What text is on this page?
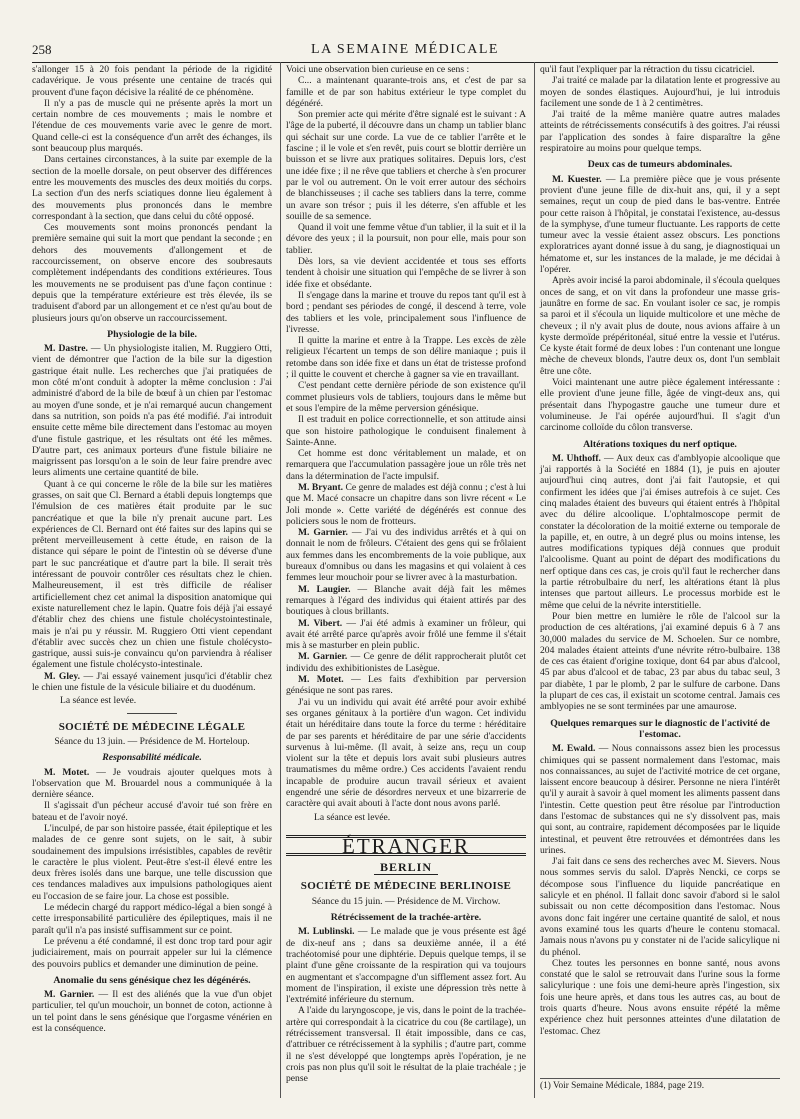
258	LA SEMAINE MÉDICALE

s'allonger 15 à 20 fois pendant la période de la rigidité cadavérique. Je vous présente une centaine de tracés qui prouvent d'une façon décisive la réalité de ce phénomène.

Il n'y a pas de muscle qui ne présente après la mort un certain nombre de ces mouvements ; mais le nombre et l'étendue de ces mouvements varie avec le genre de mort. Quand celle-ci est la conséquence d'un arrêt des échanges, ils sont beaucoup plus marqués.

Dans certaines circonstances, à la suite par exemple de la section de la moelle dorsale, on peut observer des différences entre les mouvements des muscles des deux moitiés du corps. La section d'un des nerfs sciatiques donne lieu également à des mouvements plus prononcés dans le membre correspondant à la section, que dans celui du côté opposé.

Ces mouvements sont moins prononcés pendant la première semaine qui suit la mort que pendant la seconde ; en dehors des mouvements d'allongement et de raccourcissement, on observe encore des soubresauts complètement indépendants des conditions extérieures. Tous les mouvements ne se produisent pas d'une façon continue : depuis que la température extérieure est très élevée, ils se traduisent d'abord par un allongement et ce n'est qu'au bout de plusieurs jours qu'on observe un raccourcissement.

Physiologie de la bile.

M. Dastre. — Un physiologiste italien, M. Ruggiero Otti, vient de démontrer que l'action de la bile sur la digestion gastrique était nulle. Les recherches que j'ai pratiquées de mon côté m'ont conduit à adopter la même conclusion : J'ai administré d'abord de la bile de bœuf à un chien par l'estomac au moyen d'une sonde, et je n'ai remarqué aucun changement dans sa nutrition, son poids n'a pas été modifié. J'ai introduit ensuite cette même bile directement dans l'estomac au moyen d'une fistule gastrique, et les résultats ont été les mêmes. D'autre part, ces animaux porteurs d'une fistule biliaire ne maigrissent pas lorsqu'on a le soin de leur faire prendre avec leurs aliments une certaine quantité de bile.

Quant à ce qui concerne le rôle de la bile sur les matières grasses, on sait que Cl. Bernard a établi depuis longtemps que l'émulsion de ces matières était produite par le suc pancréatique et que la bile n'y prenait aucune part. Les expériences de Cl. Bernard ont été faites sur des lapins qui se prêtent merveilleusement à cette étude, en raison de la distance qui sépare le point de l'intestin où se déverse d'une part le suc pancréatique et d'autre part la bile. Il serait très intéressant de pouvoir contrôler ces résultats chez le chien. Malheureusement, il est très difficile de réaliser artificiellement chez cet animal la disposition anatomique qui existe naturellement chez le lapin. Quatre fois déjà j'ai essayé d'établir chez des chiens une fistule cholécystointestinale, mais je n'ai pu y réussir. M. Ruggiero Otti vient cependant d'établir avec succès chez un chien une fistule cholécysto-gastrique, aussi suis-je convaincu qu'on parviendra à réaliser également une fistule cholécysto-intestinale.

M. Gley. — J'ai essayé vainement jusqu'ici d'établir chez le chien une fistule de la vésicule biliaire et du duodénum.

La séance est levée.

SOCIÉTÉ DE MÉDECINE LÉGALE

Séance du 13 juin. — Présidence de M. Horteloup.

Responsabilité médicale.

M. Motet. — Je voudrais ajouter quelques mots à l'observation que M. Brouardel nous a communiquée à la dernière séance.

Il s'agissait d'un pécheur accusé d'avoir tué son frère en bateau et de l'avoir noyé.

L'inculpé, de par son histoire passée, était épileptique et les malades de ce genre sont sujets, on le sait, à subir soudainement des impulsions irrésistibles, capables de revêtir le caractère le plus violent. Peut-être s'est-il élevé entre les deux frères isolés dans une barque, une telle discussion que ces tendances maladives aux impulsions pathologiques aient eu l'occasion de se faire jour. La chose est possible.

Le médecin chargé du rapport médico-légal a bien songé à cette irresponsabilité particulière des épileptiques, mais il ne paraît qu'il n'a pas insisté suffisamment sur ce point.

Le prévenu a été condamné, il est donc trop tard pour agir judiciairement, mais on pourrait appeler sur lui la clémence des pouvoirs publics et demander une diminution de peine.

Anomalie du sens génésique chez les dégénérés.

M. Garnier. — Il est des aliénés que la vue d'un objet particulier, tel qu'un mouchoir, un bonnet de coton, actionne à un tel point dans le sens génésique que l'orgasme vénérien en est la conséquence.

Voici une observation bien curieuse en ce sens :

C... a maintenant quarante-trois ans, et c'est de par sa famille et de par son habitus extérieur le type complet du dégénéré.

Son premier acte qui mérite d'être signalé est le suivant : A l'âge de la puberté, il découvre dans un champ un tablier blanc qui séchait sur une corde. La vue de ce tablier l'arrête et le fascine ; il le vole et s'en revêt, puis court se blottir derrière un buisson et se livre aux pratiques solitaires. Depuis lors, c'est une idée fixe ; il ne rêve que tabliers et cherche à s'en procurer par le vol ou autrement. On le voit errer autour des séchoirs de blanchisseuses ; il cache ses tabliers dans la terre, comme un avare son trésor ; puis il les déterre, s'en affuble et les souille de sa semence.

Quand il voit une femme vêtue d'un tablier, il la suit et il la dévore des yeux ; il la poursuit, non pour elle, mais pour son tablier.

Dès lors, sa vie devient accidentée et tous ses efforts tendent à choisir une situation qui l'empêche de se livrer à son idée fixe et obsédante.

Il s'engage dans la marine et trouve du repos tant qu'il est à bord ; pendant ses périodes de congé, il descend à terre, vole des tabliers et les vole, principalement sous l'influence de l'ivresse.

Il quitte la marine et entre à la Trappe. Les excès de zèle religieux l'écartent un temps de son délire maniaque ; puis il retombe dans son idée fixe et dans un état de tristesse profond ; il quitte le couvent et cherche à gagner sa vie en travaillant.

C'est pendant cette dernière période de son existence qu'il commet plusieurs vols de tabliers, toujours dans le même but et sous l'empire de la même perversion génésique.

Il est traduit en police correctionnelle, et son attitude ainsi que son histoire pathologique le conduisent finalement à Sainte-Anne.

Cet homme est donc véritablement un malade, et on remarquera que l'accumulation passagère joue un rôle très net dans la détermination de l'acte impulsif.

M. Bryant. Ce genre de malades est déjà connu ; c'est à lui que M. Macé consacre un chapitre dans son livre récent « Le Joli monde ». Cette variété de dégénérés est connue des policiers sous le nom de frotteurs.

M. Garnier. — J'ai vu des individus arrêtés et à qui on donnait le nom de frôleurs. C'étaient des gens qui se frôlaient aux femmes dans les encombrements de la voie publique, aux bureaux d'omnibus ou dans les magasins et qui volaient à ces femmes leur mouchoir pour se livrer avec à la masturbation.

M. Laugier. — Blanche avait déjà fait les mêmes remarques à l'égard des individus qui étaient attirés par des boutiques à clous brillants.

M. Vibert. — J'ai été admis à examiner un frôleur, qui avait été arrêté parce qu'après avoir frôlé une femme il s'était mis à se masturber en plein public.

M. Garnier. — Ce genre de délit rapprocherait plutôt cet individu des exhibitionistes de Lasègue.

M. Motet. — Les faits d'exhibition par perversion génésique ne sont pas rares.

J'ai vu un individu qui avait été arrêté pour avoir exhibé ses organes génitaux à la portière d'un wagon. Cet individu était un héréditaire dans toute la force du terme : héréditaire de par ses parents et héréditaire de par une série d'accidents survenus à lui-même. (Il avait, à seize ans, reçu un coup violent sur la tête et depuis lors avait subi plusieurs autres traumatismes du même ordre.) Ces accidents l'avaient rendu incapable de produire aucun travail sérieux et avaient engendré une série de désordres nerveux et une bizarrerie de caractère qui avait abouti à l'acte dont nous avons parlé.

La séance est levée.

ÉTRANGER
BERLIN
SOCIÉTÉ DE MÉDECINE BERLINOISE

Séance du 15 juin. — Présidence de M. Virchow.

Rétrécissement de la trachée-artère.

M. Lublinski. — Le malade que je vous présente est âgé de dix-neuf ans ; dans sa deuxième année, il a été trachéotomisé pour une diphtérie. Depuis quelque temps, il se plaint d'une gêne croissante de la respiration qui va toujours en augmentant et s'accompagne d'un sifflement assez fort. Au moment de l'inspiration, il existe une dépression très nette à l'extrémité inférieure du sternum.

A l'aide du laryngoscope, je vis, dans le point de la trachée-artère qui correspondait à la cicatrice du cou (8e cartilage), un rétrécissement transversal. Il était impossible, dans ce cas, d'attribuer ce rétrécissement à la syphilis ; d'autre part, comme il ne s'est développé que longtemps après l'opération, je ne crois pas non plus qu'il soit le résultat de la plaie trachéale ; je pense

qu'il faut l'expliquer par la rétraction du tissu cicatriciel.

J'ai traité ce malade par la dilatation lente et progressive au moyen de sondes élastiques. Aujourd'hui, je lui introduis facilement une sonde de 1 à 2 centimètres.

J'ai traité de la même manière quatre autres malades atteints de rétrécissements consécutifs à des goitres. J'ai réussi par l'application des sondes à faire disparaître la gêne respiratoire au moins pour quelque temps.

Deux cas de tumeurs abdominales.

M. Kuester. — La première pièce que je vous présente provient d'une jeune fille de dix-huit ans, qui, il y a sept semaines, reçut un coup de pied dans le bas-ventre. Entrée pour cette raison à l'hôpital, je constatai l'existence, au-dessus de la symphyse, d'une tumeur fluctuante. Les rapports de cette tumeur avec la vessie étaient assez obscurs. Les ponctions exploratrices ayant donné issue à du sang, je diagnostiquai un hématome et, sur les instances de la malade, je me décidai à l'opérer.

Après avoir incisé la paroi abdominale, il s'écoula quelques onces de sang, et on vit dans la profondeur une masse gris-jaunâtre en forme de sac. En voulant isoler ce sac, je rompis sa paroi et il s'écoula un liquide multicolore et une mèche de cheveux ; il n'y avait plus de doute, nous avions affaire à un kyste dermoïde prépéritonéal, situé entre la vessie et l'utérus. Ce kyste était formé de deux lobes : l'un contenant une longue mèche de cheveux blonds, l'autre deux os, dont l'un semblait être une côte.

Voici maintenant une autre pièce également intéressante : elle provient d'une jeune fille, âgée de vingt-deux ans, qui présentait dans l'hypogastre gauche une tumeur dure et volumineuse. Je l'ai opérée aujourd'hui. Il s'agit d'un carcinome colloïde du côlon transverse.

Altérations toxiques du nerf optique.

M. Uhthoff. — Aux deux cas d'amblyopie alcoolique que j'ai rapportés à la Société en 1884 (1), je puis en ajouter aujourd'hui cinq autres, dont j'ai fait l'autopsie, et qui confirment les idées que j'ai émises autrefois à ce sujet. Ces cinq malades étaient des buveurs qui étaient entrés à l'hôpital avec du délire alcoolique. L'ophtalmoscope permit de constater la décoloration de la moitié externe ou temporale de la papille, et, en outre, à un degré plus ou moins intense, les autres modifications typiques déjà connues que produit l'alcoolisme. Quant au point de départ des modifications du nerf optique dans ces cas, je crois qu'il faut le rechercher dans la partie rétrobulbaire du nerf, les altérations étant là plus intenses que partout ailleurs. Le processus morbide est le même que celui de la névrite interstitielle.

Pour bien mettre en lumière le rôle de l'alcool sur la production de ces altérations, j'ai examiné depuis 6 à 7 ans 30,000 malades du service de M. Schoelen. Sur ce nombre, 204 malades étaient atteints d'une névrite rétro-bulbaire. 138 de ces cas étaient d'origine toxique, dont 64 par abus d'alcool, 45 par abus d'alcool et de tabac, 23 par abus du tabac seul, 3 par diabète, 1 par le plomb, 2 par le sulfure de carbone. Dans la plupart de ces cas, il existait un scotome central. Jamais ces amblyopies ne se sont terminées par une amaurose.

Quelques remarques sur le diagnostic de l'activité de l'estomac.

M. Ewald. — Nous connaissons assez bien les processus chimiques qui se passent normalement dans l'estomac, mais nos connaissances, au sujet de l'activité motrice de cet organe, laissent encore beaucoup à désirer. Personne ne niera l'intérêt qu'il y aurait à savoir à quel moment les aliments passent dans l'intestin. Cette question peut être résolue par l'introduction dans l'estomac de substances qui ne s'y dissolvent pas, mais qui sont, au contraire, rapidement décomposées par le liquide intestinal, et peuvent être retrouvées et démontrées dans les urines.

J'ai fait dans ce sens des recherches avec M. Sievers. Nous nous sommes servis du salol. D'après Nencki, ce corps se décompose sous l'influence du liquide pancréatique en salicyle et en phénol. Il fallait donc savoir d'abord si le salol subissait ou non cette décomposition dans l'estomac. Nous avons donc fait ingérer une certaine quantité de salol, et nous avons examiné tous les quarts d'heure le contenu stomacal. Jamais nous n'avons pu y constater ni de l'acide salicylique ni du phénol.

Chez toutes les personnes en bonne santé, nous avons constaté que le salol se retrouvait dans l'urine sous la forme salicylurique : une fois une demi-heure après l'ingestion, six fois une heure après, et dans tous les autres cas, au bout de trois quarts d'heure. Nous avons ensuite répété la même expérience chez huit personnes atteintes d'une dilatation de l'estomac. Chez

(1) Voir Semaine Médicale, 1884, page 219.
